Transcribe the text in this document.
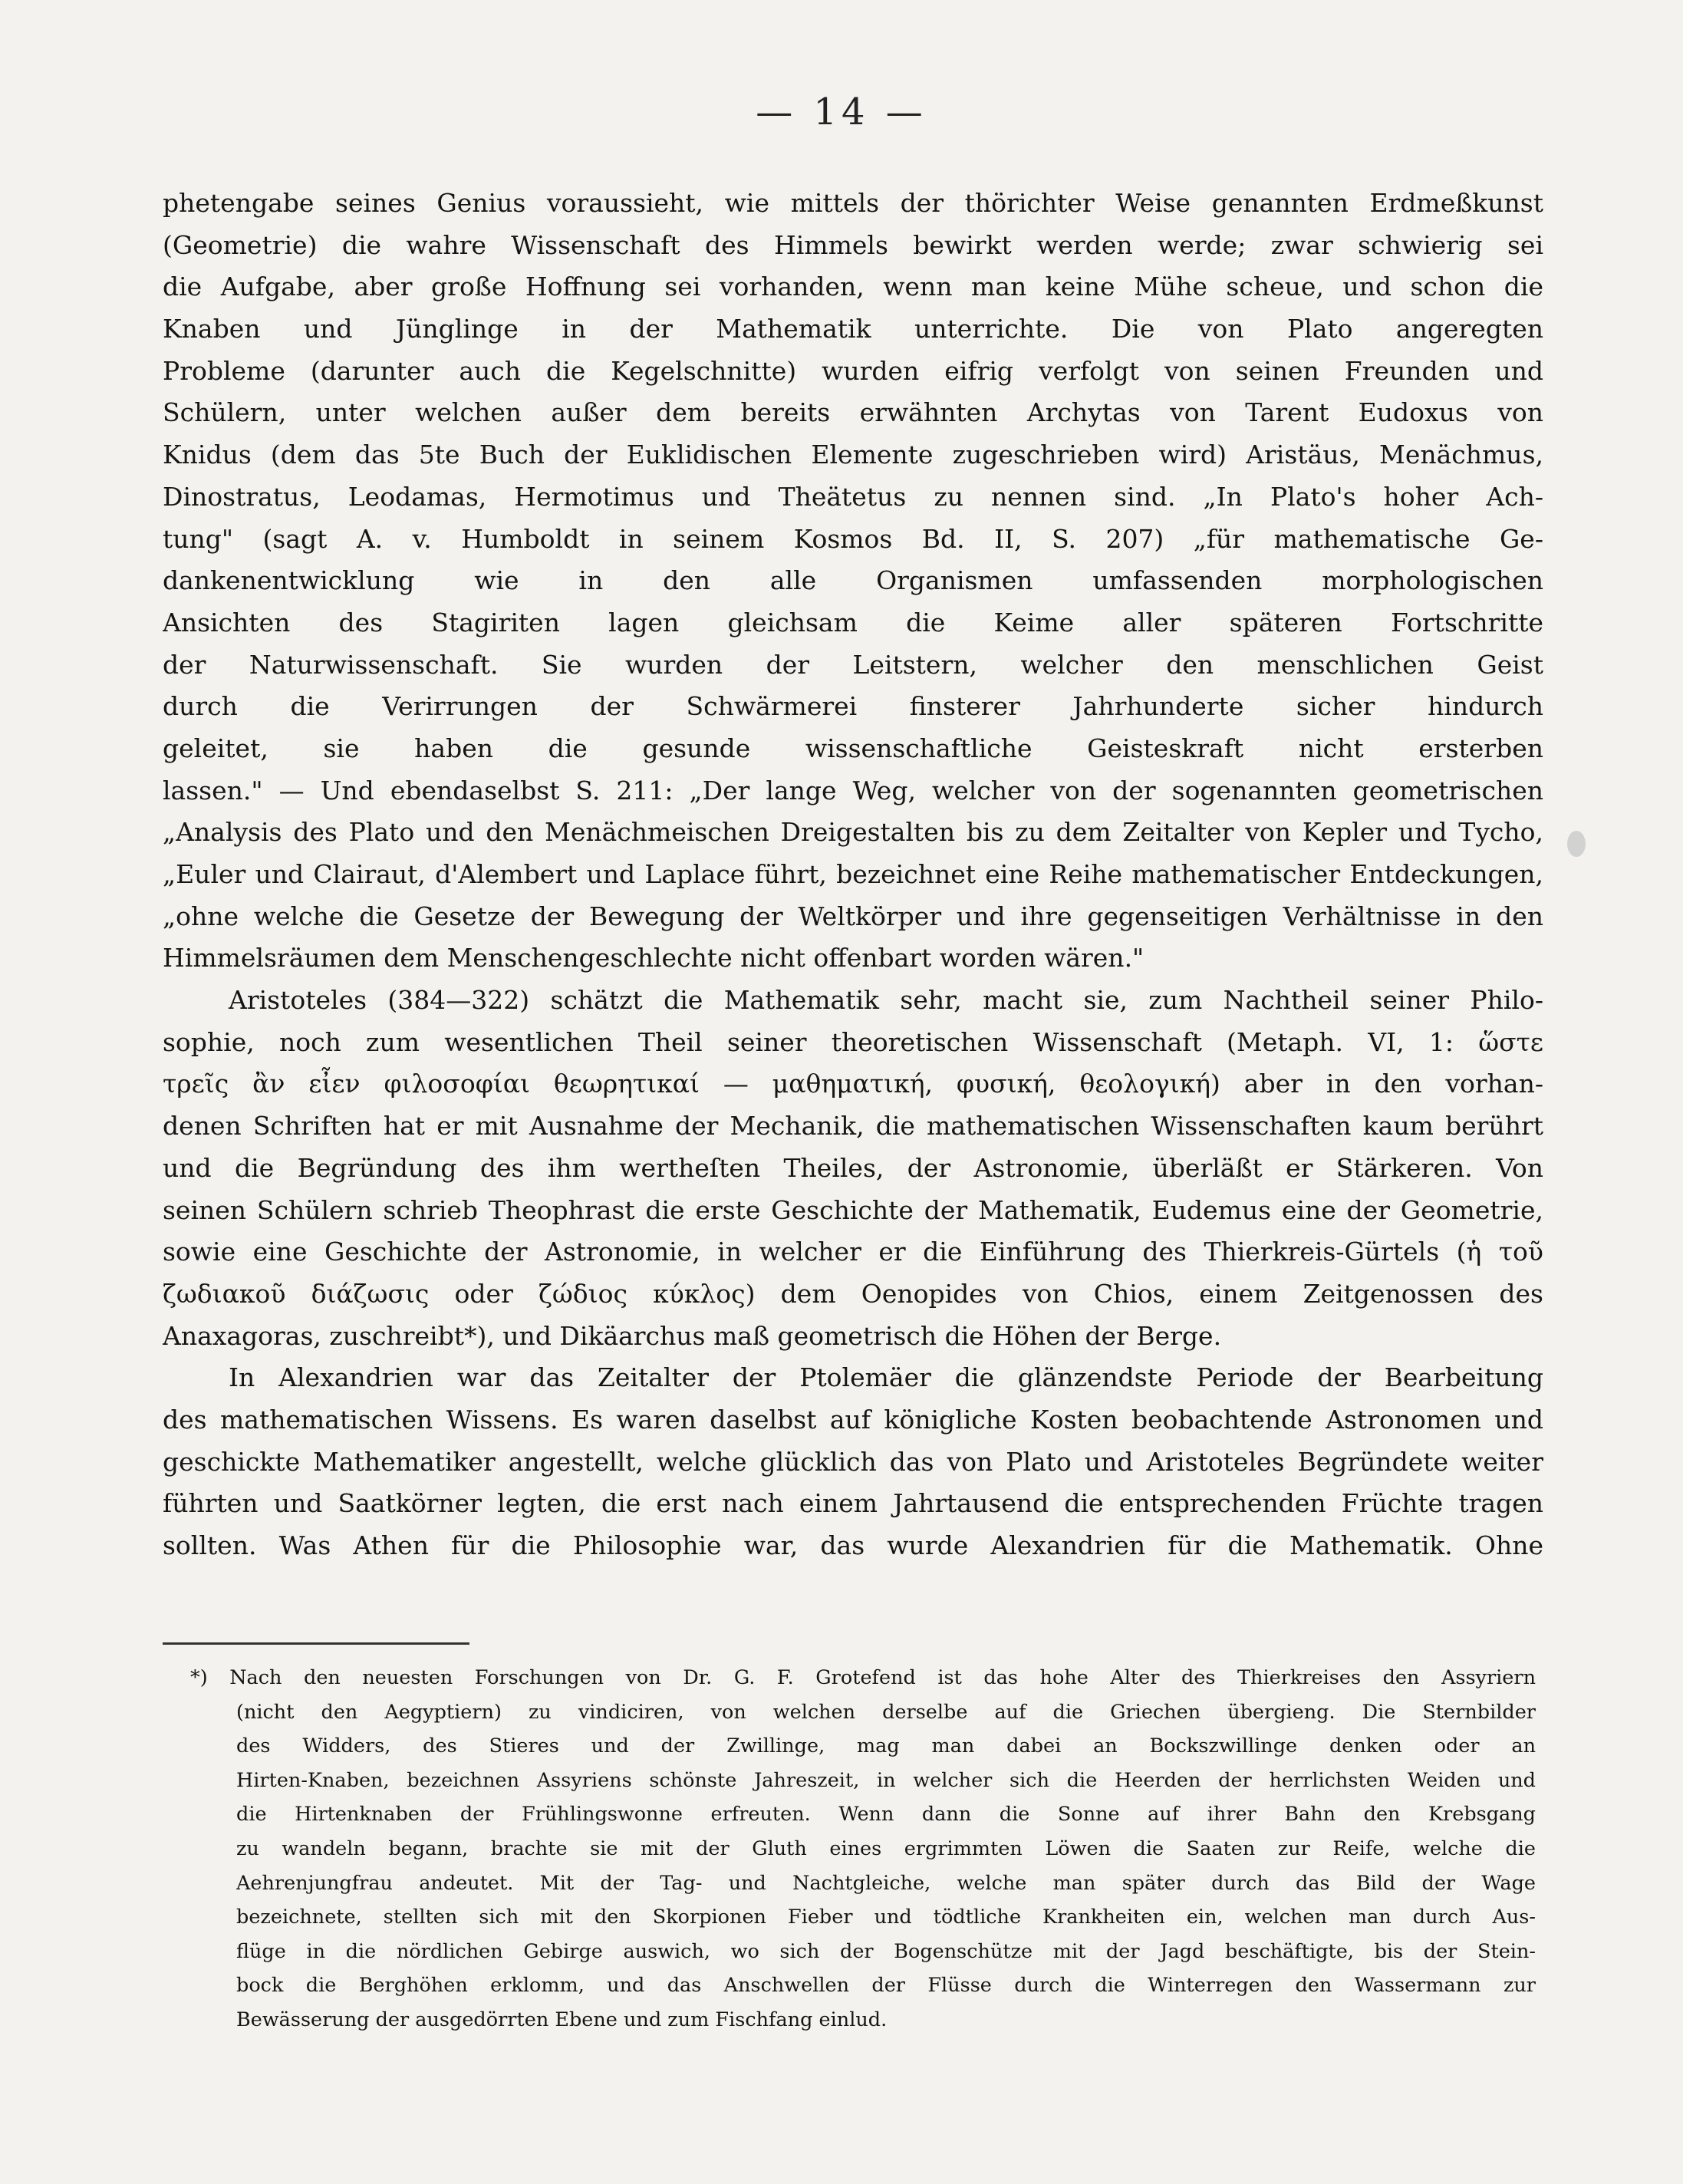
— 14 —
phetengabe seines Genius voraussieht, wie mittels der thörichter Weise genannten Erdmeßkunst
(Geometrie) die wahre Wissenschaft des Himmels bewirkt werden werde; zwar schwierig sei
die Aufgabe, aber große Hoffnung sei vorhanden, wenn man keine Mühe scheue, und schon die
Knaben und Jünglinge in der Mathematik unterrichte. Die von Plato angeregten
Probleme (darunter auch die Kegelschnitte) wurden eifrig verfolgt von seinen Freunden und
Schülern, unter welchen außer dem bereits erwähnten Archytas von Tarent Eudoxus von
Knidus (dem das 5te Buch der Euklidischen Elemente zugeschrieben wird) Aristäus, Menächmus,
Dinostratus, Leodamas, Hermotimus und Theätetus zu nennen sind. „In Plato's hoher Ach-
tung" (sagt A. v. Humboldt in seinem Kosmos Bd. II, S. 207) „für mathematische Ge-
dankenentwicklung wie in den alle Organismen umfassenden morphologischen
Ansichten des Stagiriten lagen gleichsam die Keime aller späteren Fortschritte
der Naturwissenschaft. Sie wurden der Leitstern, welcher den menschlichen Geist
durch die Verirrungen der Schwärmerei finsterer Jahrhunderte sicher hindurch
geleitet, sie haben die gesunde wissenschaftliche Geisteskraft nicht ersterben
lassen." — Und ebendaselbst S. 211: „Der lange Weg, welcher von der sogenannten geometrischen
„Analysis des Plato und den Menächmeischen Dreigestalten bis zu dem Zeitalter von Kepler und Tycho,
„Euler und Clairaut, d'Alembert und Laplace führt, bezeichnet eine Reihe mathematischer Entdeckungen,
„ohne welche die Gesetze der Bewegung der Weltkörper und ihre gegenseitigen Verhältnisse in den
Himmelsräumen dem Menschengeschlechte nicht offenbart worden wären."
Aristoteles (384—322) schätzt die Mathematik sehr, macht sie, zum Nachtheil seiner Philo-
sophie, noch zum wesentlichen Theil seiner theoretischen Wissenschaft (Metaph. VI, 1: ὥστε
τρεῖς ἂν εἶεν φιλοσοφίαι θεωρητικαί — μαθηματική, φυσική, θεολογική) aber in den vorhan-
denen Schriften hat er mit Ausnahme der Mechanik, die mathematischen Wissenschaften kaum berührt
und die Begründung des ihm wertheſten Theiles, der Astronomie, überläßt er Stärkeren. Von
seinen Schülern schrieb Theophrast die erste Geschichte der Mathematik, Eudemus eine der Geometrie,
sowie eine Geschichte der Astronomie, in welcher er die Einführung des Thierkreis-Gürtels (ἡ τοῦ
ζωδιακοῦ διάζωσις oder ζώδιος κύκλος) dem Oenopides von Chios, einem Zeitgenossen des
Anaxagoras, zuschreibt*), und Dikäarchus maß geometrisch die Höhen der Berge.
In Alexandrien war das Zeitalter der Ptolemäer die glänzendste Periode der Bearbeitung
des mathematischen Wissens. Es waren daselbst auf königliche Kosten beobachtende Astronomen und
geschickte Mathematiker angestellt, welche glücklich das von Plato und Aristoteles Begründete weiter
führten und Saatkörner legten, die erst nach einem Jahrtausend die entsprechenden Früchte tragen
sollten. Was Athen für die Philosophie war, das wurde Alexandrien für die Mathematik. Ohne
*) Nach den neuesten Forschungen von Dr. G. F. Grotefend ist das hohe Alter des Thierkreises den Assyriern
(nicht den Aegyptiern) zu vindiciren, von welchen derselbe auf die Griechen übergieng. Die Sternbilder
des Widders, des Stieres und der Zwillinge, mag man dabei an Bockszwillinge denken oder an
Hirten-Knaben, bezeichnen Assyriens schönste Jahreszeit, in welcher sich die Heerden der herrlichsten Weiden und
die Hirtenknaben der Frühlingswonne erfreuten. Wenn dann die Sonne auf ihrer Bahn den Krebsgang
zu wandeln begann, brachte sie mit der Gluth eines ergrimmten Löwen die Saaten zur Reife, welche die
Aehrenjungfrau andeutet. Mit der Tag- und Nachtgleiche, welche man später durch das Bild der Wage
bezeichnete, stellten sich mit den Skorpionen Fieber und tödtliche Krankheiten ein, welchen man durch Aus-
flüge in die nördlichen Gebirge auswich, wo sich der Bogenschütze mit der Jagd beschäftigte, bis der Stein-
bock die Berghöhen erklomm, und das Anschwellen der Flüsse durch die Winterregen den Wassermann zur
Bewässerung der ausgedörrten Ebene und zum Fischfang einlud.
